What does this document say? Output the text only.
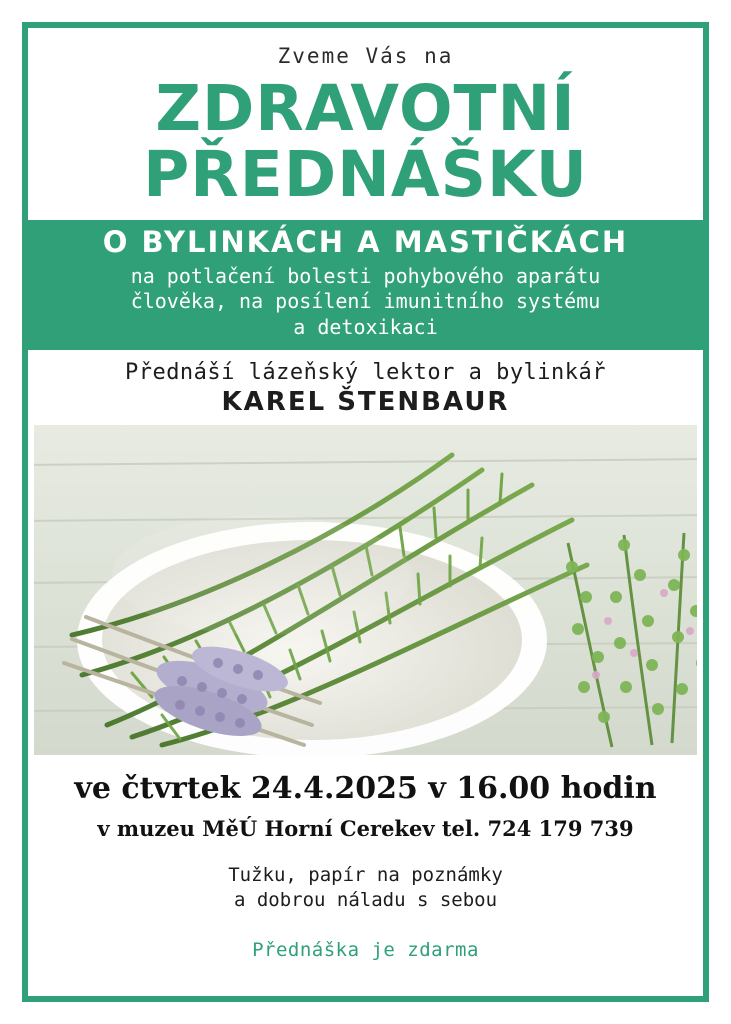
Zveme Vás na
ZDRAVOTNÍ
PŘEDNÁŠKU
O BYLINKÁCH A MASTIČKÁCH
na potlačení bolesti pohybového aparátu
člověka, na posílení imunitního systému
a detoxikaci
Přednáší lázeňský lektor a bylinkář
KAREL ŠTENBAUR
ve čtvrtek 24.4.2025 v 16.00 hodin
v muzeu MěÚ Horní Cerekev tel. 724 179 739
Tužku, papír na poznámky
a dobrou náladu s sebou
Přednáška je zdarma
